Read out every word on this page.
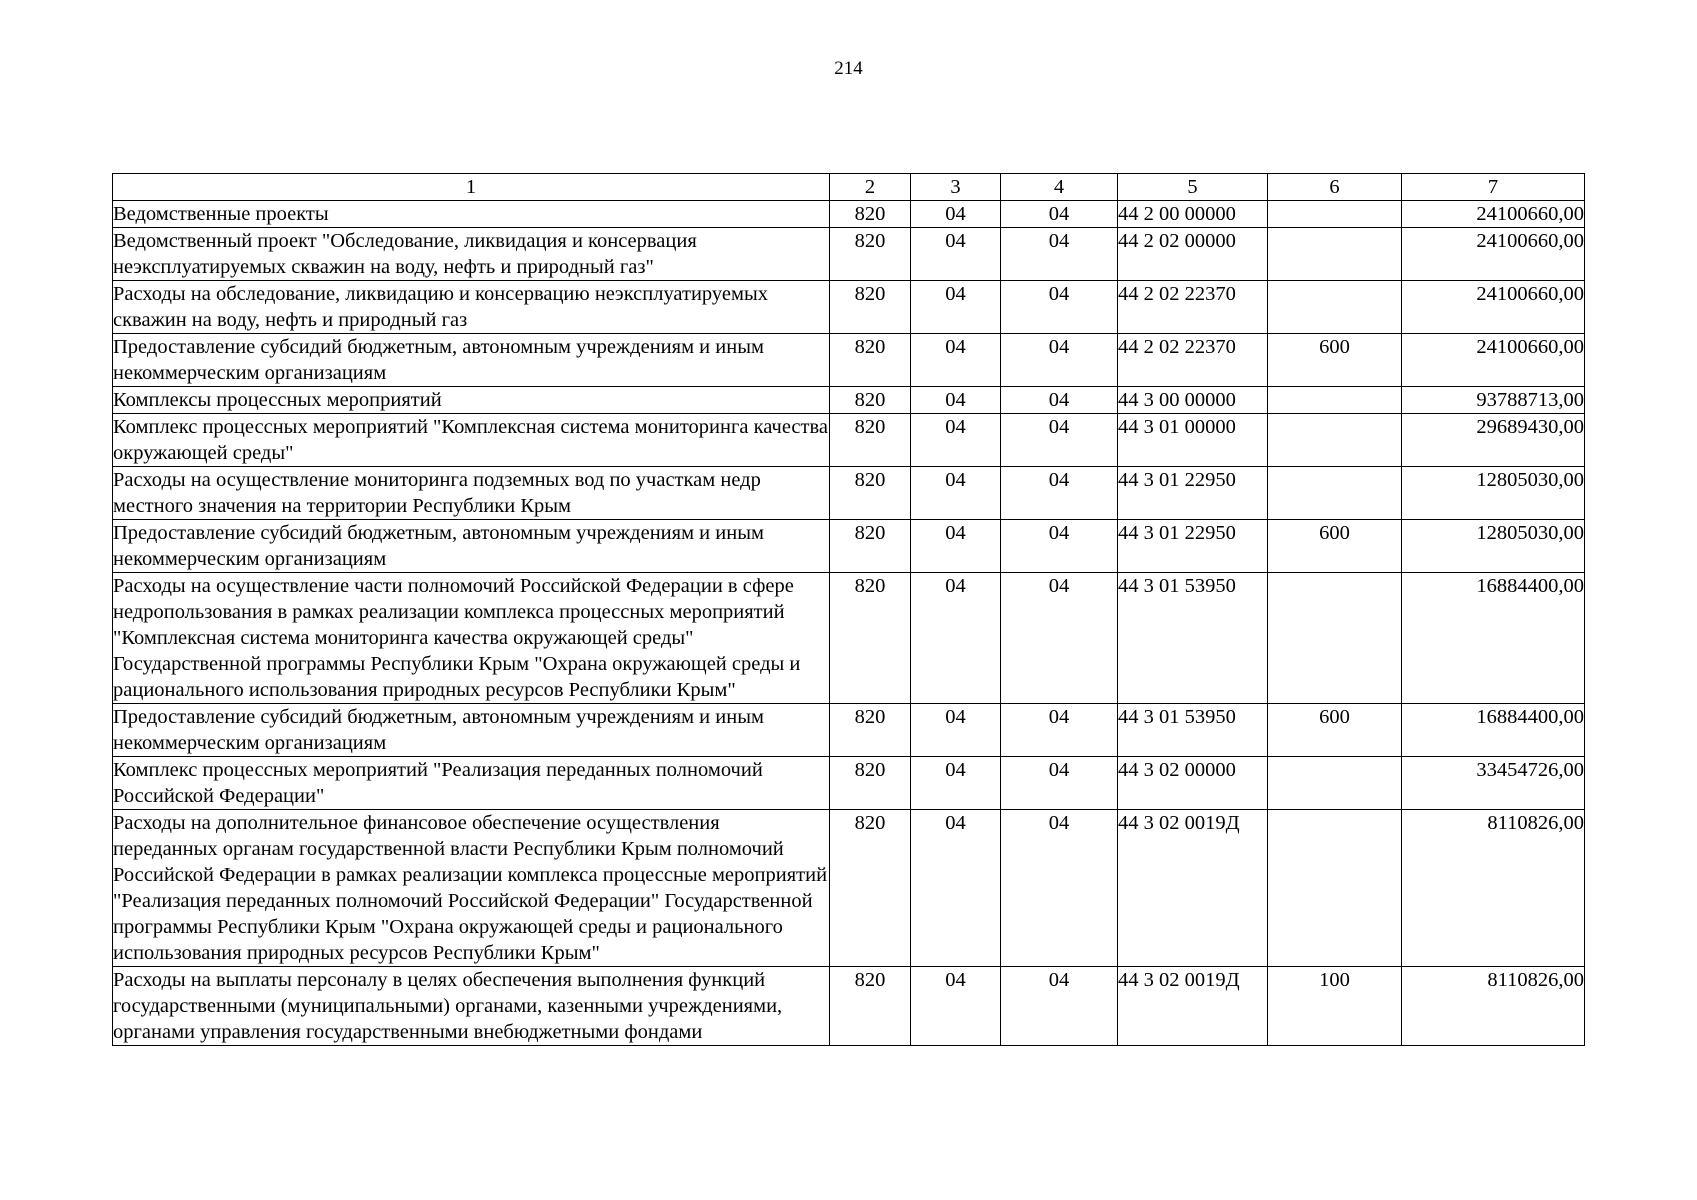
214
1	2	3	4	5	6	7
Ведомственные проекты	820	04	04	44 2 00 00000		24100660,00
Ведомственный проект "Обследование, ликвидация и консервация неэксплуатируемых скважин на воду, нефть и природный газ"	820	04	04	44 2 02 00000		24100660,00
Расходы на обследование, ликвидацию и консервацию неэксплуатируемых скважин на воду, нефть и природный газ	820	04	04	44 2 02 22370		24100660,00
Предоставление субсидий бюджетным, автономным учреждениям и иным некоммерческим организациям	820	04	04	44 2 02 22370	600	24100660,00
Комплексы процессных мероприятий	820	04	04	44 3 00 00000		93788713,00
Комплекс процессных мероприятий "Комплексная система мониторинга качества окружающей среды"	820	04	04	44 3 01 00000		29689430,00
Расходы на осуществление мониторинга подземных вод по участкам недр местного значения на территории Республики Крым	820	04	04	44 3 01 22950		12805030,00
Предоставление субсидий бюджетным, автономным учреждениям и иным некоммерческим организациям	820	04	04	44 3 01 22950	600	12805030,00
Расходы на осуществление части полномочий Российской Федерации в сфере недропользования в рамках реализации комплекса процессных мероприятий "Комплексная система мониторинга качества окружающей среды" Государственной программы Республики Крым "Охрана окружающей среды и рационального использования природных ресурсов Республики Крым"	820	04	04	44 3 01 53950		16884400,00
Предоставление субсидий бюджетным, автономным учреждениям и иным некоммерческим организациям	820	04	04	44 3 01 53950	600	16884400,00
Комплекс процессных мероприятий "Реализация переданных полномочий Российской Федерации"	820	04	04	44 3 02 00000		33454726,00
Расходы на дополнительное финансовое обеспечение осуществления переданных органам государственной власти Республики Крым полномочий Российской Федерации в рамках реализации комплекса процессные мероприятий "Реализация переданных полномочий Российской Федерации" Государственной программы Республики Крым "Охрана окружающей среды и рационального использования природных ресурсов Республики Крым"	820	04	04	44 3 02 0019Д		8110826,00
Расходы на выплаты персоналу в целях обеспечения выполнения функций государственными (муниципальными) органами, казенными учреждениями, органами управления государственными внебюджетными фондами	820	04	04	44 3 02 0019Д	100	8110826,00
